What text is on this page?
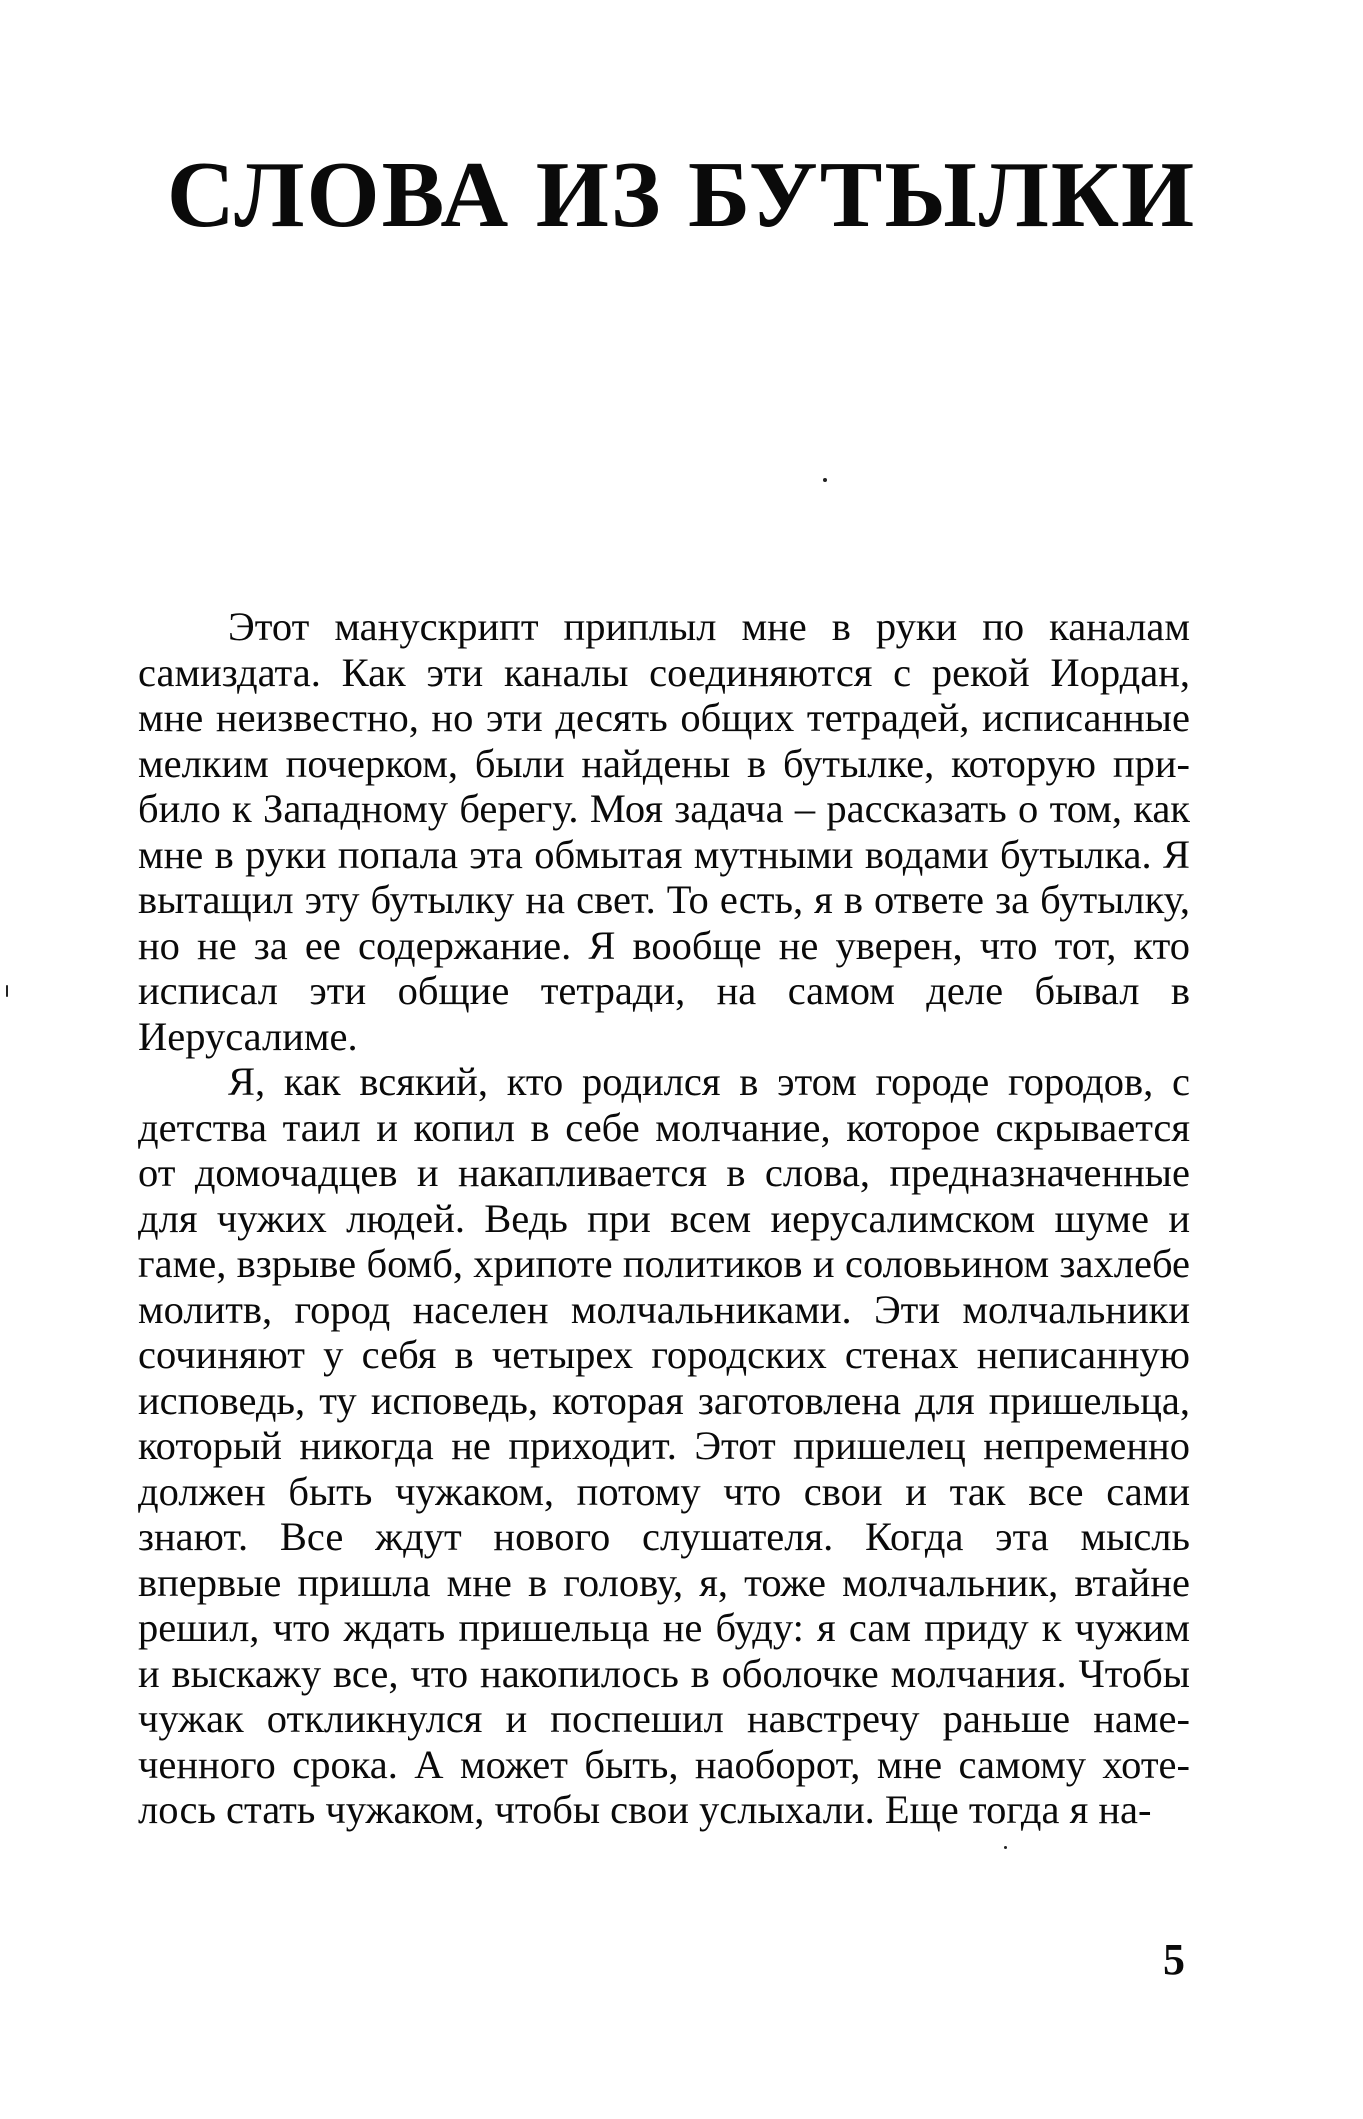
СЛОВА ИЗ БУТЫЛКИ

Этот манускрипт приплыл мне в руки по каналам самиздата. Как эти каналы соединяются с рекой Иордан, мне неизвестно, но эти десять общих тетрадей, исписанные мелким почерком, были найдены в бутылке, которую прибило к Западному берегу. Моя задача – рассказать о том, как мне в руки попала эта обмытая мутными водами бутылка. Я вытащил эту бутылку на свет. То есть, я в ответе за бутылку, но не за ее содержание. Я вообще не уверен, что тот, кто исписал эти общие тетради, на самом деле бывал в Иерусалиме.

Я, как всякий, кто родился в этом городе городов, с детства таил и копил в себе молчание, которое скрывается от домочадцев и накапливается в слова, предназначенные для чужих людей. Ведь при всем иерусалимском шуме и гаме, взрыве бомб, хрипоте политиков и соловьином захлебе молитв, город населен молчальниками. Эти молчальники сочиняют у себя в четырех городских стенах неписанную исповедь, ту исповедь, которая заготовлена для пришельца, который никогда не приходит. Этот пришелец непременно должен быть чужаком, потому что свои и так все сами знают. Все ждут нового слушателя. Когда эта мысль впервые пришла мне в голову, я, тоже молчальник, втайне решил, что ждать пришельца не буду: я сам приду к чужим и выскажу все, что накопилось в оболочке молчания. Чтобы чужак откликнулся и поспешил навстречу раньше намеченного срока. А может быть, наоборот, мне самому хотелось стать чужаком, чтобы свои услыхали. Еще тогда я на-

5
